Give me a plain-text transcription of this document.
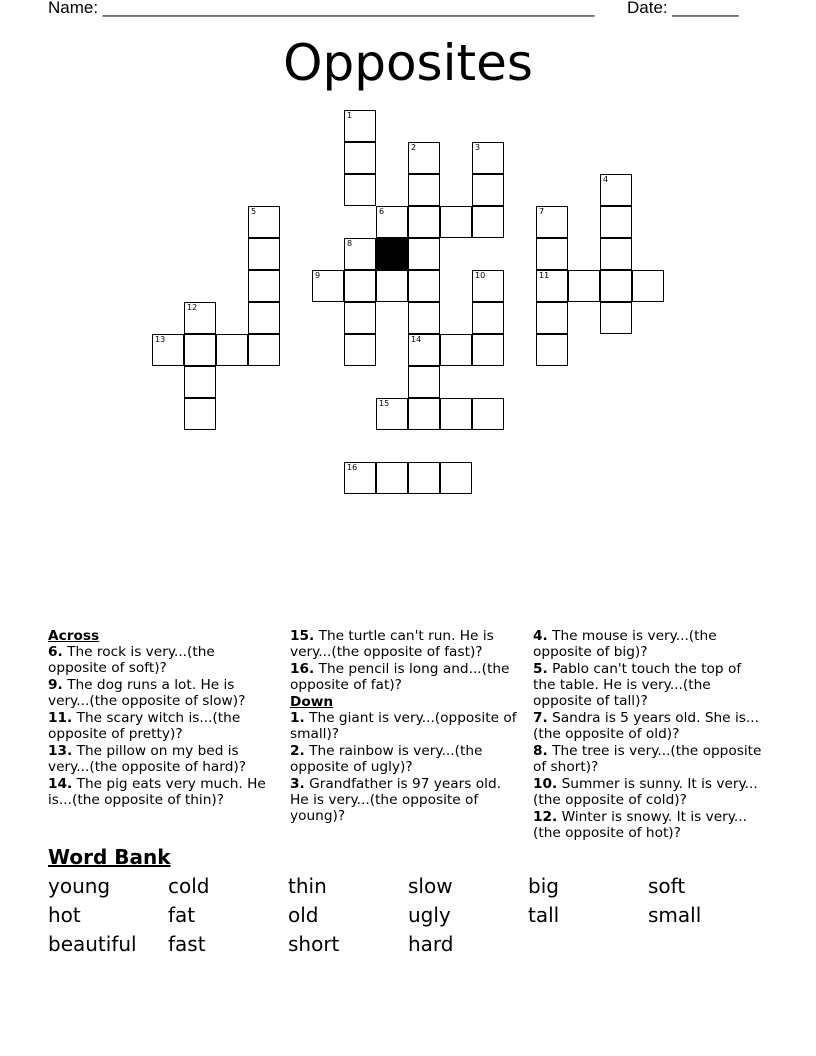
Name: ____________________________________________________ Date: _______
Opposites
1
2	3
4
5	6	7
8
9	10	11
12
13	14
15
16

Across

6. The rock is very...(the opposite of soft)?

9. The dog runs a lot. He is very...(the opposite of slow)?

11. The scary witch is...(the opposite of pretty)?

13. The pillow on my bed is very...(the opposite of hard)?

14. The pig eats very much. He is...(the opposite of thin)?

15. The turtle can't run. He is very...(the opposite of fast)?

16. The pencil is long and...(the opposite of fat)?

Down

1. The giant is very...(opposite of small)?

2. The rainbow is very...(the opposite of ugly)?

3. Grandfather is 97 years old. He is very...(the opposite of young)?

4. The mouse is very...(the opposite of big)?

5. Pablo can't touch the top of the table. He is very...(the opposite of tall)?

7. Sandra is 5 years old. She is...(the opposite of old)?

8. The tree is very...(the opposite of short)?

10. Summer is sunny. It is very...(the opposite of cold)?

12. Winter is snowy. It is very...(the opposite of hot)?

Word Bank

young	cold	thin	slow	big	soft
hot	fat	old	ugly	tall	small
beautiful	fast	short	hard
